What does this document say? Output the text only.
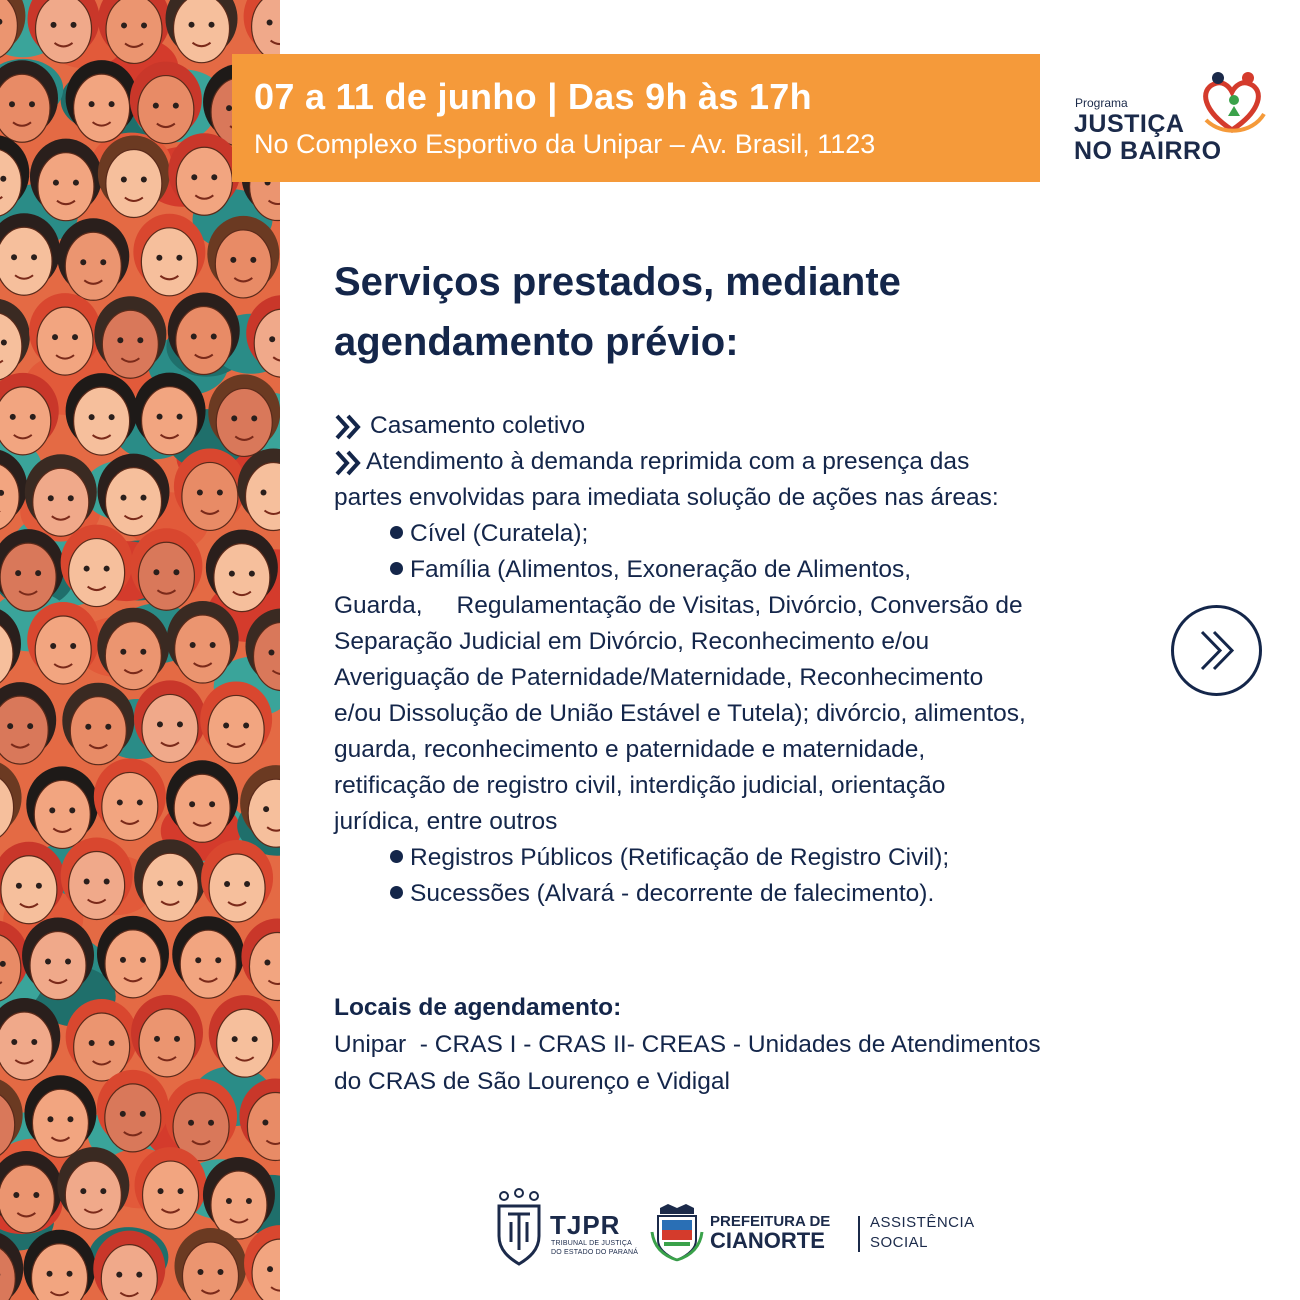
07 a 11 de junho | Das 9h às 17h
No Complexo Esportivo da Unipar – Av. Brasil, 1123
Programa
JUSTIÇA
NO BAIRRO
Serviços prestados, mediante
agendamento prévio:
Casamento coletivo
Atendimento à demanda reprimida com a presença das
partes envolvidas para imediata solução de ações nas áreas:
Cível (Curatela);
Família (Alimentos, Exoneração de Alimentos,
Guarda,     Regulamentação de Visitas, Divórcio, Conversão de
Separação Judicial em Divórcio, Reconhecimento e/ou
Averiguação de Paternidade/Maternidade, Reconhecimento
e/ou Dissolução de União Estável e Tutela); divórcio, alimentos,
guarda, reconhecimento e paternidade e maternidade,
retificação de registro civil, interdição judicial, orientação
jurídica, entre outros
Registros Públicos (Retificação de Registro Civil);
Sucessões (Alvará - decorrente de falecimento).
Locais de agendamento:
Unipar  - CRAS I - CRAS II- CREAS - Unidades de Atendimentos
do CRAS de São Lourenço e Vidigal
TJPR
TRIBUNAL DE JUSTIÇA
DO ESTADO DO PARANÁ
PREFEITURA DE
CIANORTE
ASSISTÊNCIA
SOCIAL
